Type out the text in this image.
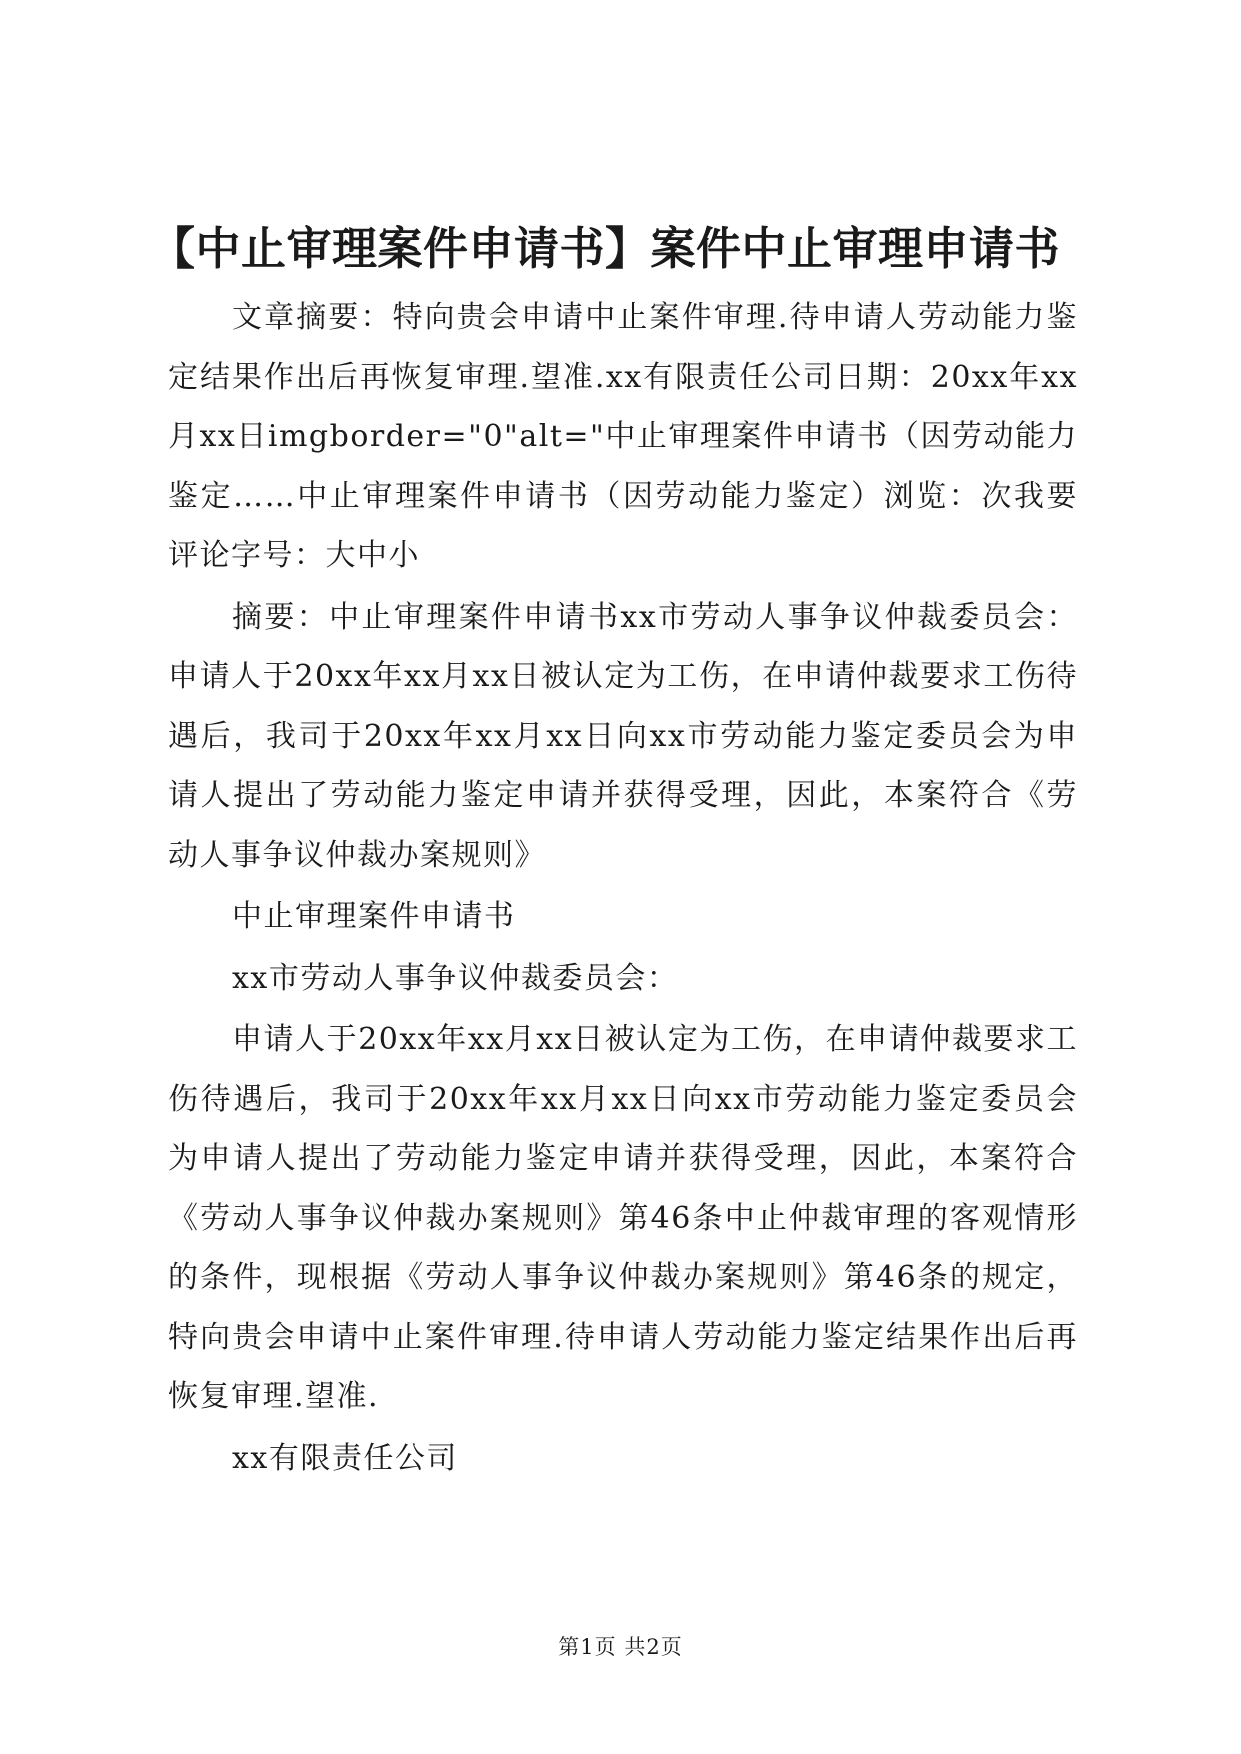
【中止审理案件申请书】案件中止审理申请书

文章摘要：特向贵会申请中止案件审理.待申请人劳动能力鉴定结果作出后再恢复审理.望准.xx有限责任公司日期：20xx年xx月xx日imgborder="0"alt="中止审理案件申请书（因劳动能力鉴定……中止审理案件申请书（因劳动能力鉴定）浏览：次我要评论字号：大中小

摘要：中止审理案件申请书xx市劳动人事争议仲裁委员会：申请人于20xx年xx月xx日被认定为工伤，在申请仲裁要求工伤待遇后，我司于20xx年xx月xx日向xx市劳动能力鉴定委员会为申请人提出了劳动能力鉴定申请并获得受理，因此，本案符合《劳动人事争议仲裁办案规则》

中止审理案件申请书

xx市劳动人事争议仲裁委员会：

申请人于20xx年xx月xx日被认定为工伤，在申请仲裁要求工伤待遇后，我司于20xx年xx月xx日向xx市劳动能力鉴定委员会为申请人提出了劳动能力鉴定申请并获得受理，因此，本案符合《劳动人事争议仲裁办案规则》第46条中止仲裁审理的客观情形的条件，现根据《劳动人事争议仲裁办案规则》第46条的规定，特向贵会申请中止案件审理.待申请人劳动能力鉴定结果作出后再恢复审理.望准.

xx有限责任公司

第1页 共2页
